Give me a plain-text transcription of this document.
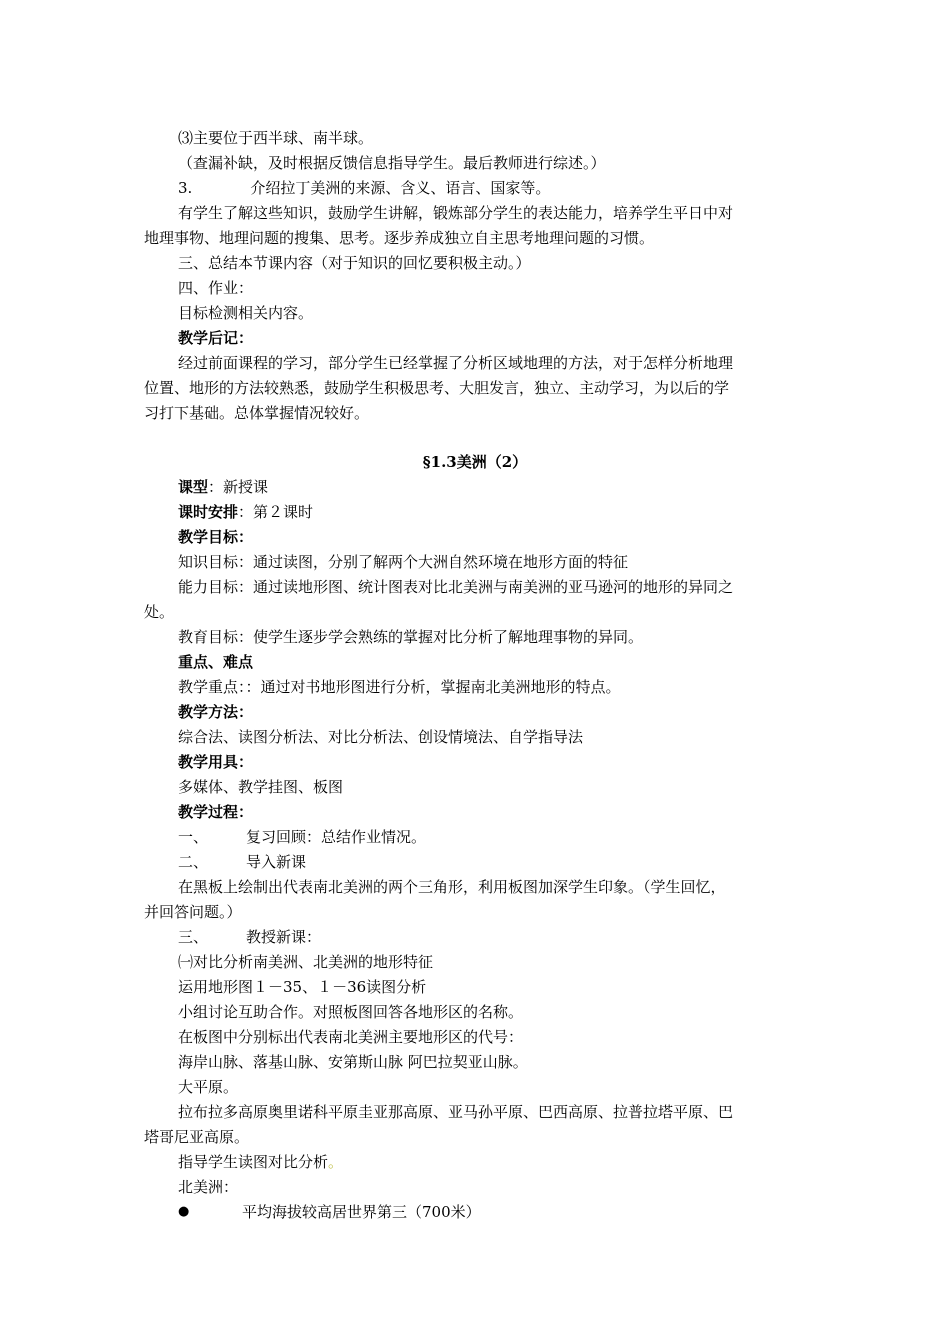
⑶主要位于西半球、南半球。
（查漏补缺，及时根据反馈信息指导学生。最后教师进行综述。）
3.	介绍拉丁美洲的来源、含义、语言、国家等。
有学生了解这些知识，鼓励学生讲解，锻炼部分学生的表达能力，培养学生平日中对
地理事物、地理问题的搜集、思考。逐步养成独立自主思考地理问题的习惯。
三、总结本节课内容（对于知识的回忆要积极主动。）
四、作业：
目标检测相关内容。
教学后记：
经过前面课程的学习，部分学生已经掌握了分析区域地理的方法，对于怎样分析地理
位置、地形的方法较熟悉，鼓励学生积极思考、大胆发言，独立、主动学习，为以后的学
习打下基础。总体掌握情况较好。
§1.3美洲（2）
课型：新授课
课时安排：第２课时
教学目标：
知识目标：通过读图，分别了解两个大洲自然环境在地形方面的特征
能力目标：通过读地形图、统计图表对比北美洲与南美洲的亚马逊河的地形的异同之
处。
教育目标：使学生逐步学会熟练的掌握对比分析了解地理事物的异同。
重点、难点
教学重点：：通过对书地形图进行分析，掌握南北美洲地形的特点。
教学方法：
综合法、读图分析法、对比分析法、创设情境法、自学指导法
教学用具：
多媒体、教学挂图、板图
教学过程：
一、	复习回顾：总结作业情况。
二、	导入新课
在黑板上绘制出代表南北美洲的两个三角形，利用板图加深学生印象。（学生回忆，
并回答问题。）
三、	教授新课：
㈠对比分析南美洲、北美洲的地形特征
运用地形图１－35、１－36读图分析
小组讨论互助合作。对照板图回答各地形区的名称。
在板图中分别标出代表南北美洲主要地形区的代号：
海岸山脉、落基山脉、安第斯山脉 阿巴拉契亚山脉。
大平原。
拉布拉多高原奥里诺科平原圭亚那高原、亚马孙平原、巴西高原、拉普拉塔平原、巴
塔哥尼亚高原。
指导学生读图对比分析。
北美洲：
●	平均海拔较高居世界第三（700米）
